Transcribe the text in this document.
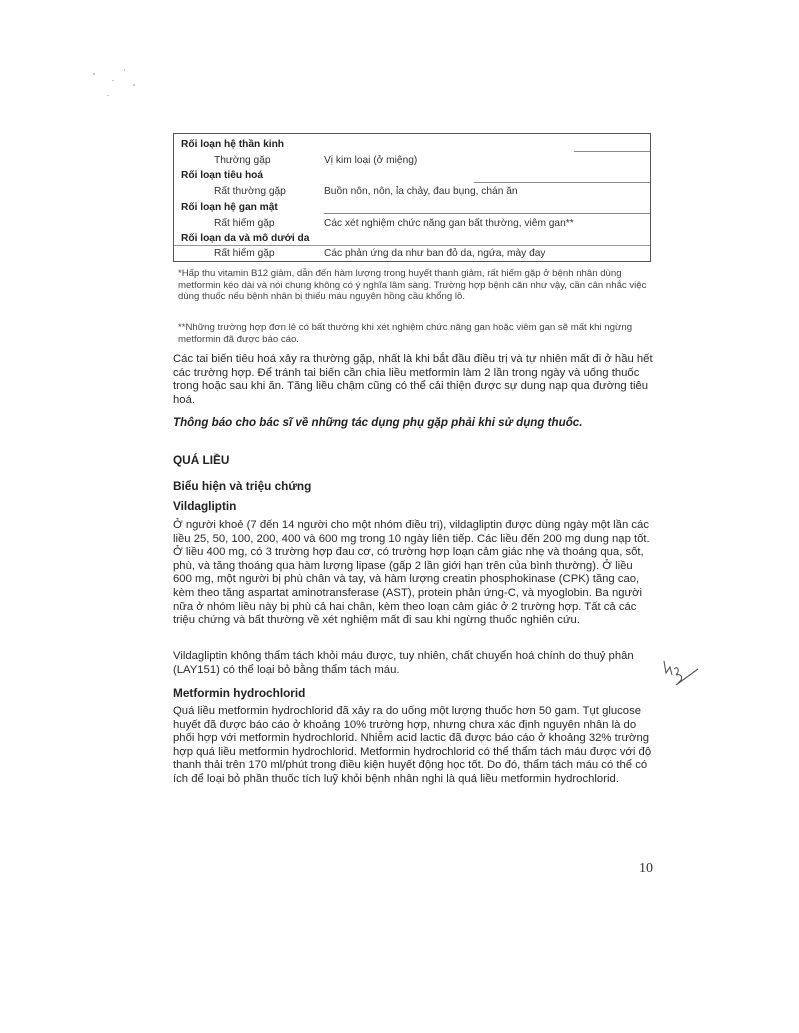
Rối loạn hệ thần kinh
Thường gặp	Vị kim loại (ở miệng)
Rối loạn tiêu hoá
Rất thường gặp	Buồn nôn, nôn, ỉa chảy, đau bụng, chán ăn
Rối loạn hệ gan mật
Rất hiếm gặp	Các xét nghiệm chức năng gan bất thường, viêm gan**
Rối loạn da và mô dưới da
Rất hiếm gặp	Các phản ứng da như ban đỏ da, ngứa, mày đay
*Hấp thu vitamin B12 giảm, dẫn đến hàm lượng trong huyết thanh giảm, rất hiếm gặp ở bệnh nhân dùng metformin kéo dài và nói chung không có ý nghĩa lâm sàng. Trường hợp bệnh căn như vậy, cần cân nhắc việc dùng thuốc nếu bệnh nhân bị thiếu máu nguyên hồng cầu khổng lồ.
**Những trường hợp đơn lẻ có bất thường khi xét nghiệm chức năng gan hoặc viêm gan sẽ mất khi ngừng metformin đã được báo cáo.
Các tai biến tiêu hoá xảy ra thường gặp, nhất là khi bắt đầu điều trị và tự nhiên mất đi ở hầu hết các trường hợp. Để tránh tai biến cần chia liều metformin làm 2 lần trong ngày và uống thuốc trong hoặc sau khi ăn. Tăng liều chậm cũng có thể cải thiện được sự dung nạp qua đường tiêu hoá.
Thông báo cho bác sĩ về những tác dụng phụ gặp phải khi sử dụng thuốc.
QUÁ LIỀU
Biểu hiện và triệu chứng
Vildagliptin
Ở người khoẻ (7 đến 14 người cho một nhóm điều trị), vildagliptin được dùng ngày một lần các liều 25, 50, 100, 200, 400 và 600 mg trong 10 ngày liên tiếp. Các liều đến 200 mg dung nạp tốt. Ở liều 400 mg, có 3 trường hợp đau cơ, có trường hợp loạn cảm giác nhẹ và thoáng qua, sốt, phù, và tăng thoáng qua hàm lượng lipase (gấp 2 lần giới hạn trên của bình thường). Ở liều 600 mg, một người bị phù chân và tay, và hàm lượng creatin phosphokinase (CPK) tăng cao, kèm theo tăng aspartat aminotransferase (AST), protein phản ứng-C, và myoglobin. Ba người nữa ở nhóm liều này bị phù cả hai chân, kèm theo loạn cảm giác ở 2 trường hợp. Tất cả các triệu chứng và bất thường về xét nghiệm mất đi sau khi ngừng thuốc nghiên cứu.
Vildagliptin không thẩm tách khỏi máu được, tuy nhiên, chất chuyển hoá chính do thuỷ phân (LAY151) có thể loại bỏ bằng thẩm tách máu.
Metformin hydrochlorid
Quá liều metformin hydrochlorid đã xảy ra do uống một lượng thuốc hơn 50 gam. Tụt glucose huyết đã được báo cáo ở khoảng 10% trường hợp, nhưng chưa xác định nguyên nhân là do phối hợp với metformin hydrochlorid. Nhiễm acid lactic đã được báo cáo ở khoảng 32% trường hợp quá liều metformin hydrochlorid. Metformin hydrochlorid có thể thẩm tách máu được với độ thanh thải trên 170 ml/phút trong điều kiện huyết động học tốt. Do đó, thẩm tách máu có thể có ích để loại bỏ phần thuốc tích luỹ khỏi bệnh nhân nghi là quá liều metformin hydrochlorid.
10
